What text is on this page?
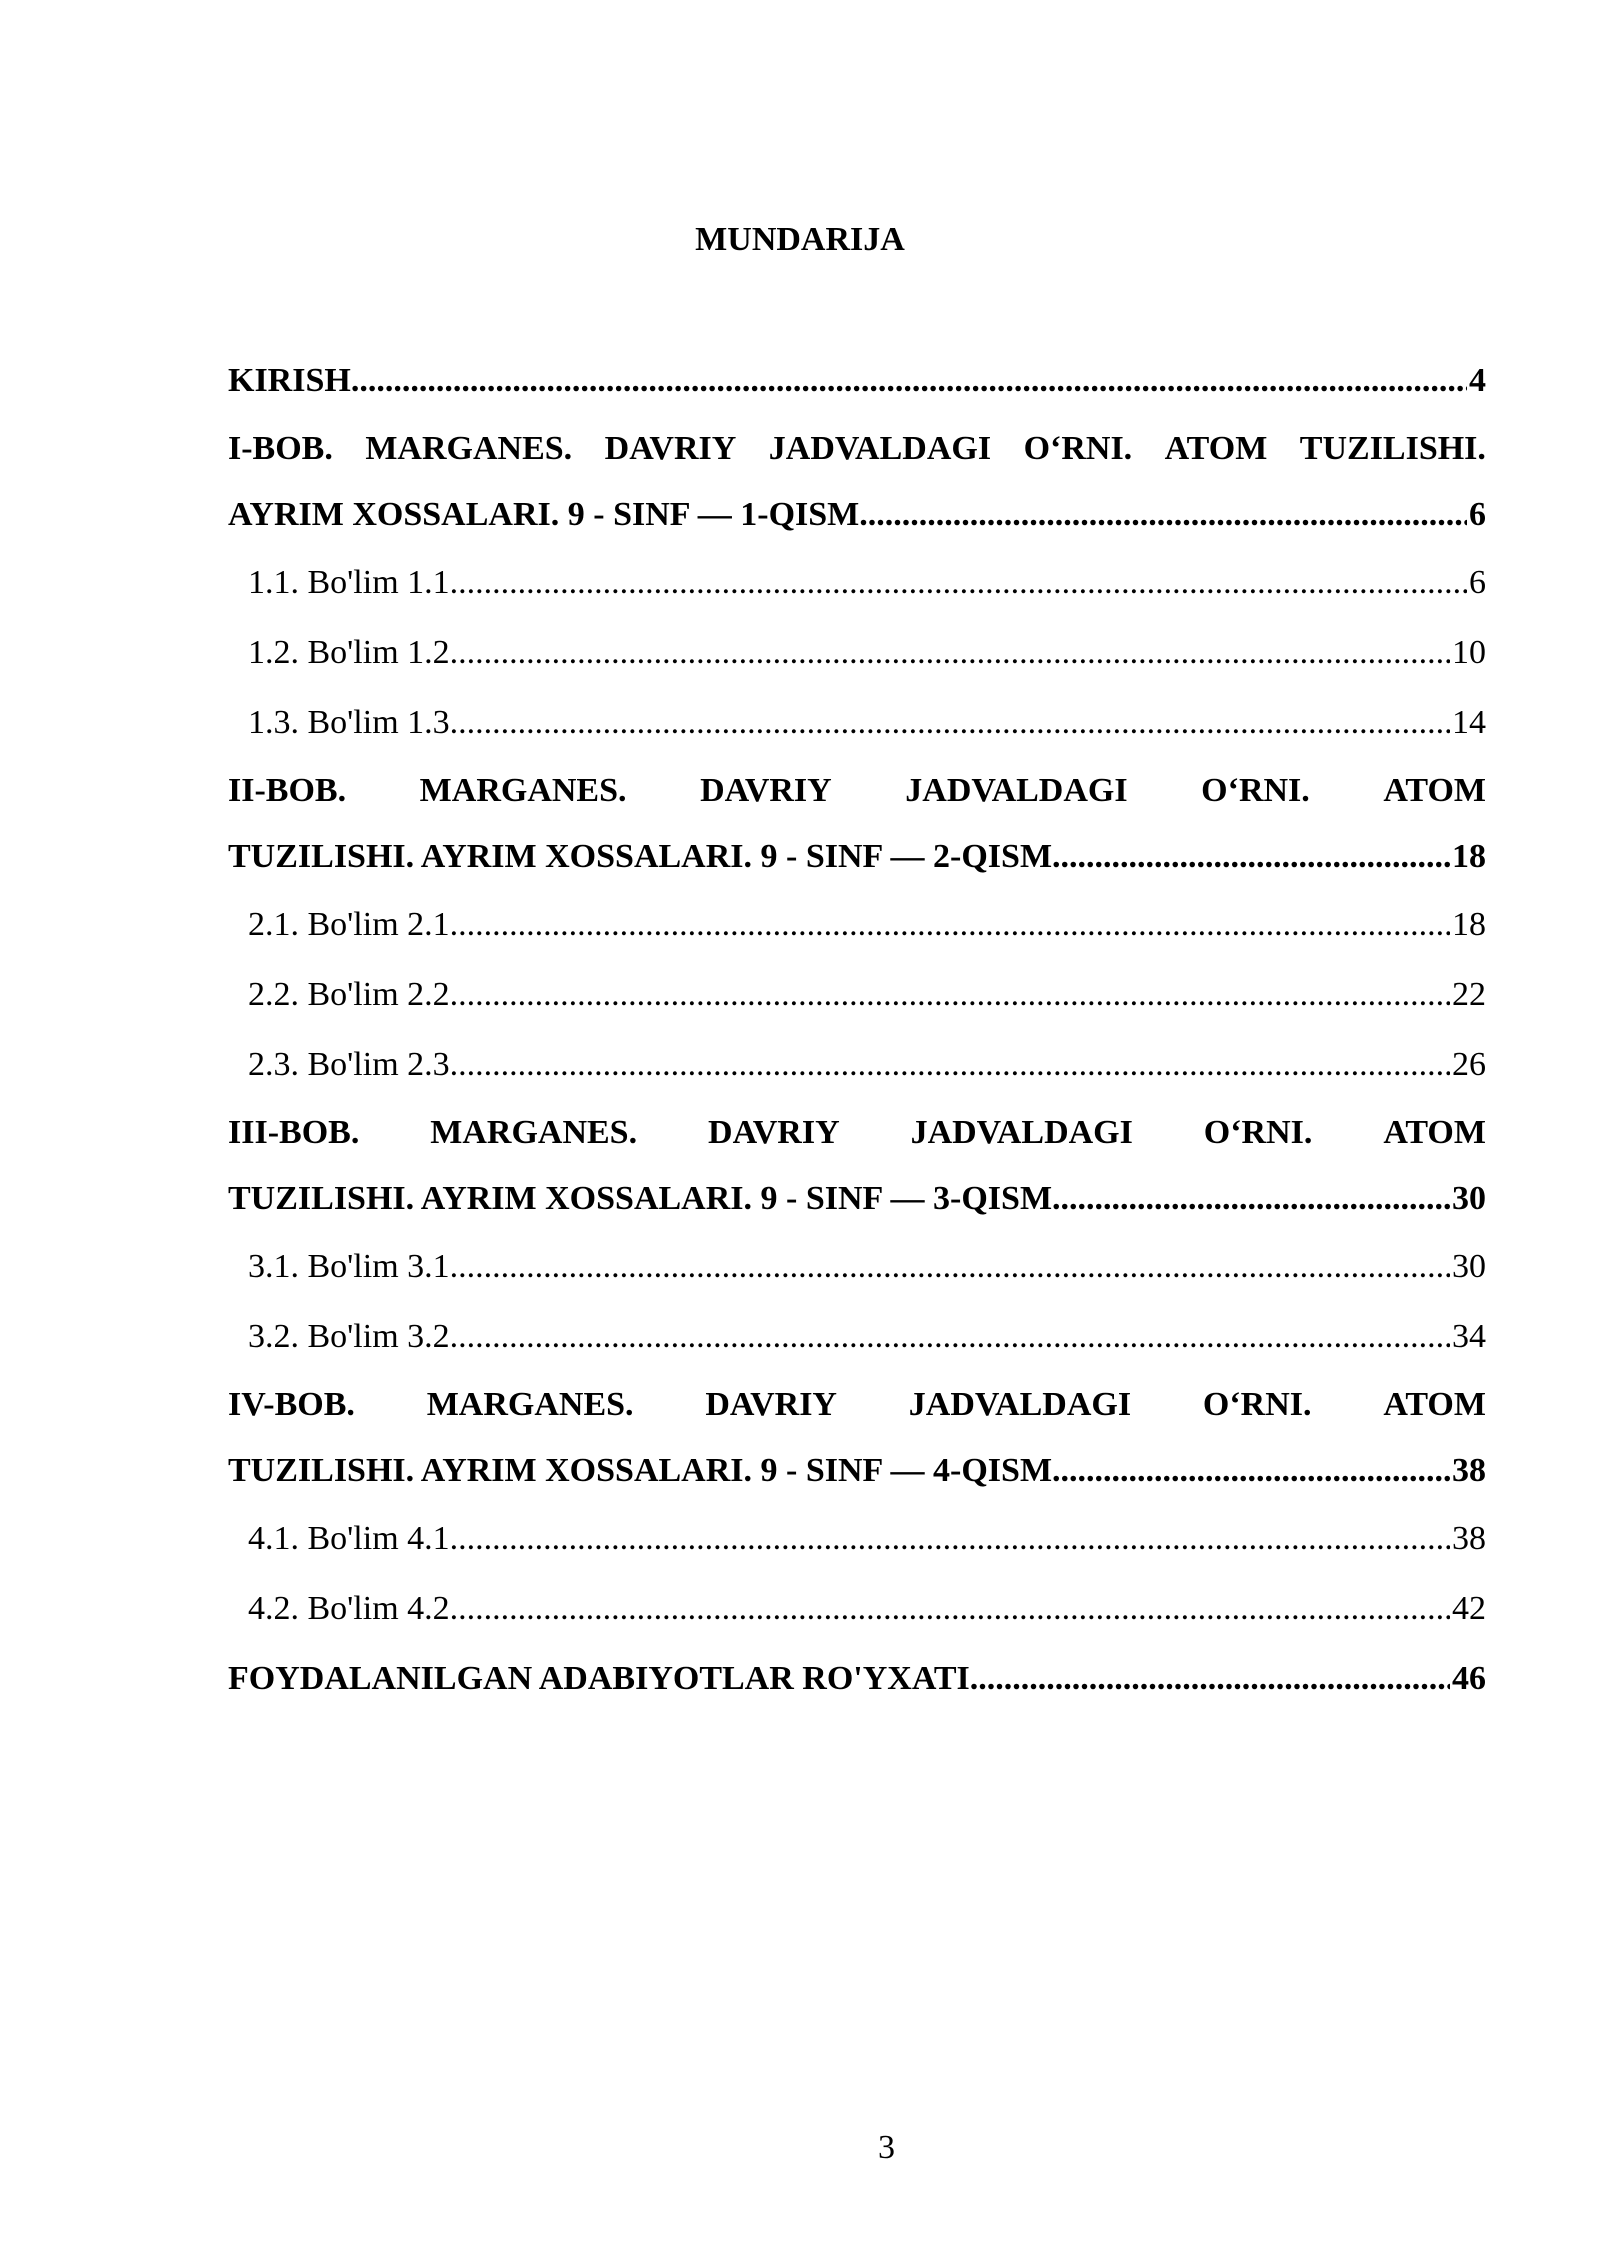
MUNDARIJA
KIRISH .....	4
I-BOB. MARGANES. DAVRIY JADVALDAGI O‘RNI. ATOM TUZILISHI.
AYRIM XOSSALARI. 9 - SINF — 1-QISM .....	6
1.1. Bo'lim 1.1 .....	6
1.2. Bo'lim 1.2 .....	10
1.3. Bo'lim 1.3 .....	14
II-BOB. MARGANES. DAVRIY JADVALDAGI O‘RNI. ATOM
TUZILISHI. AYRIM XOSSALARI. 9 - SINF — 2-QISM .....	18
2.1. Bo'lim 2.1 .....	18
2.2. Bo'lim 2.2 .....	22
2.3. Bo'lim 2.3 .....	26
III-BOB. MARGANES. DAVRIY JADVALDAGI O‘RNI. ATOM
TUZILISHI. AYRIM XOSSALARI. 9 - SINF — 3-QISM .....	30
3.1. Bo'lim 3.1 .....	30
3.2. Bo'lim 3.2 .....	34
IV-BOB. MARGANES. DAVRIY JADVALDAGI O‘RNI. ATOM
TUZILISHI. AYRIM XOSSALARI. 9 - SINF — 4-QISM .....	38
4.1. Bo'lim 4.1 .....	38
4.2. Bo'lim 4.2 .....	42
FOYDALANILGAN ADABIYOTLAR RO'YXATI .....	46
3
